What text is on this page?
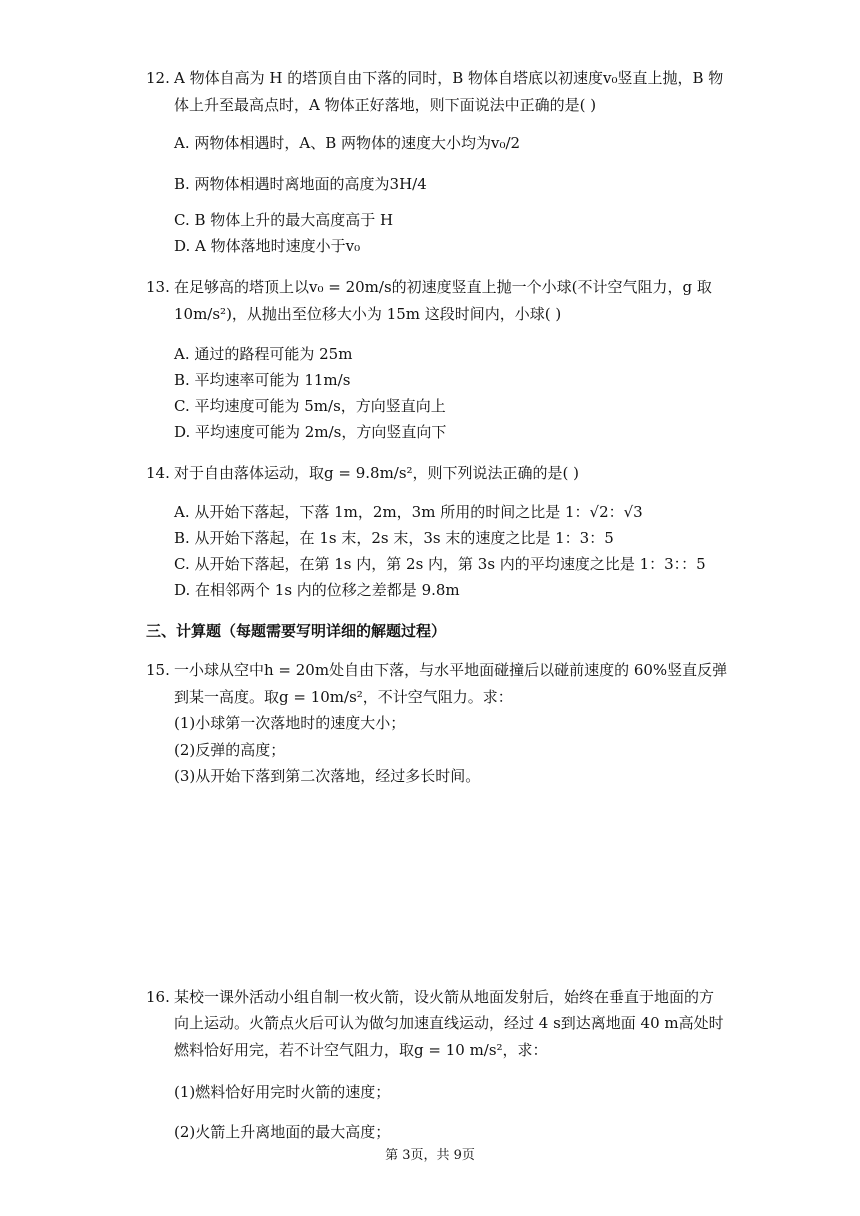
12. A 物体自高为 H 的塔顶自由下落的同时，B 物体自塔底以初速度v₀竖直上抛，B 物
体上升至最高点时，A 物体正好落地，则下面说法中正确的是( )
A. 两物体相遇时，A、B 两物体的速度大小均为v₀/2
B. 两物体相遇时离地面的高度为3H/4
C. B 物体上升的最大高度高于 H
D. A 物体落地时速度小于v₀
13. 在足够高的塔顶上以v₀ = 20m/s的初速度竖直上抛一个小球(不计空气阻力，g 取
10m/s²)，从抛出至位移大小为 15m 这段时间内，小球( )
A. 通过的路程可能为 25m
B. 平均速率可能为 11m/s
C. 平均速度可能为 5m/s，方向竖直向上
D. 平均速度可能为 2m/s，方向竖直向下
14. 对于自由落体运动，取g = 9.8m/s²，则下列说法正确的是( )
A. 从开始下落起，下落 1m，2m，3m 所用的时间之比是 1：√2：√3
B. 从开始下落起，在 1s 末，2s 末，3s 末的速度之比是 1：3：5
C. 从开始下落起，在第 1s 内，第 2s 内，第 3s 内的平均速度之比是 1：3：：5
D. 在相邻两个 1s 内的位移之差都是 9.8m
三、计算题（每题需要写明详细的解题过程）
15. 一小球从空中h = 20m处自由下落，与水平地面碰撞后以碰前速度的 60%竖直反弹
到某一高度。取g = 10m/s²，不计空气阻力。求：
(1)小球第一次落地时的速度大小；
(2)反弹的高度；
(3)从开始下落到第二次落地，经过多长时间。
16. 某校一课外活动小组自制一枚火箭，设火箭从地面发射后，始终在垂直于地面的方
向上运动。火箭点火后可认为做匀加速直线运动，经过 4 s到达离地面 40 m高处时
燃料恰好用完，若不计空气阻力，取g = 10 m/s²，求：
(1)燃料恰好用完时火箭的速度；
(2)火箭上升离地面的最大高度；
第 3页，共 9页
